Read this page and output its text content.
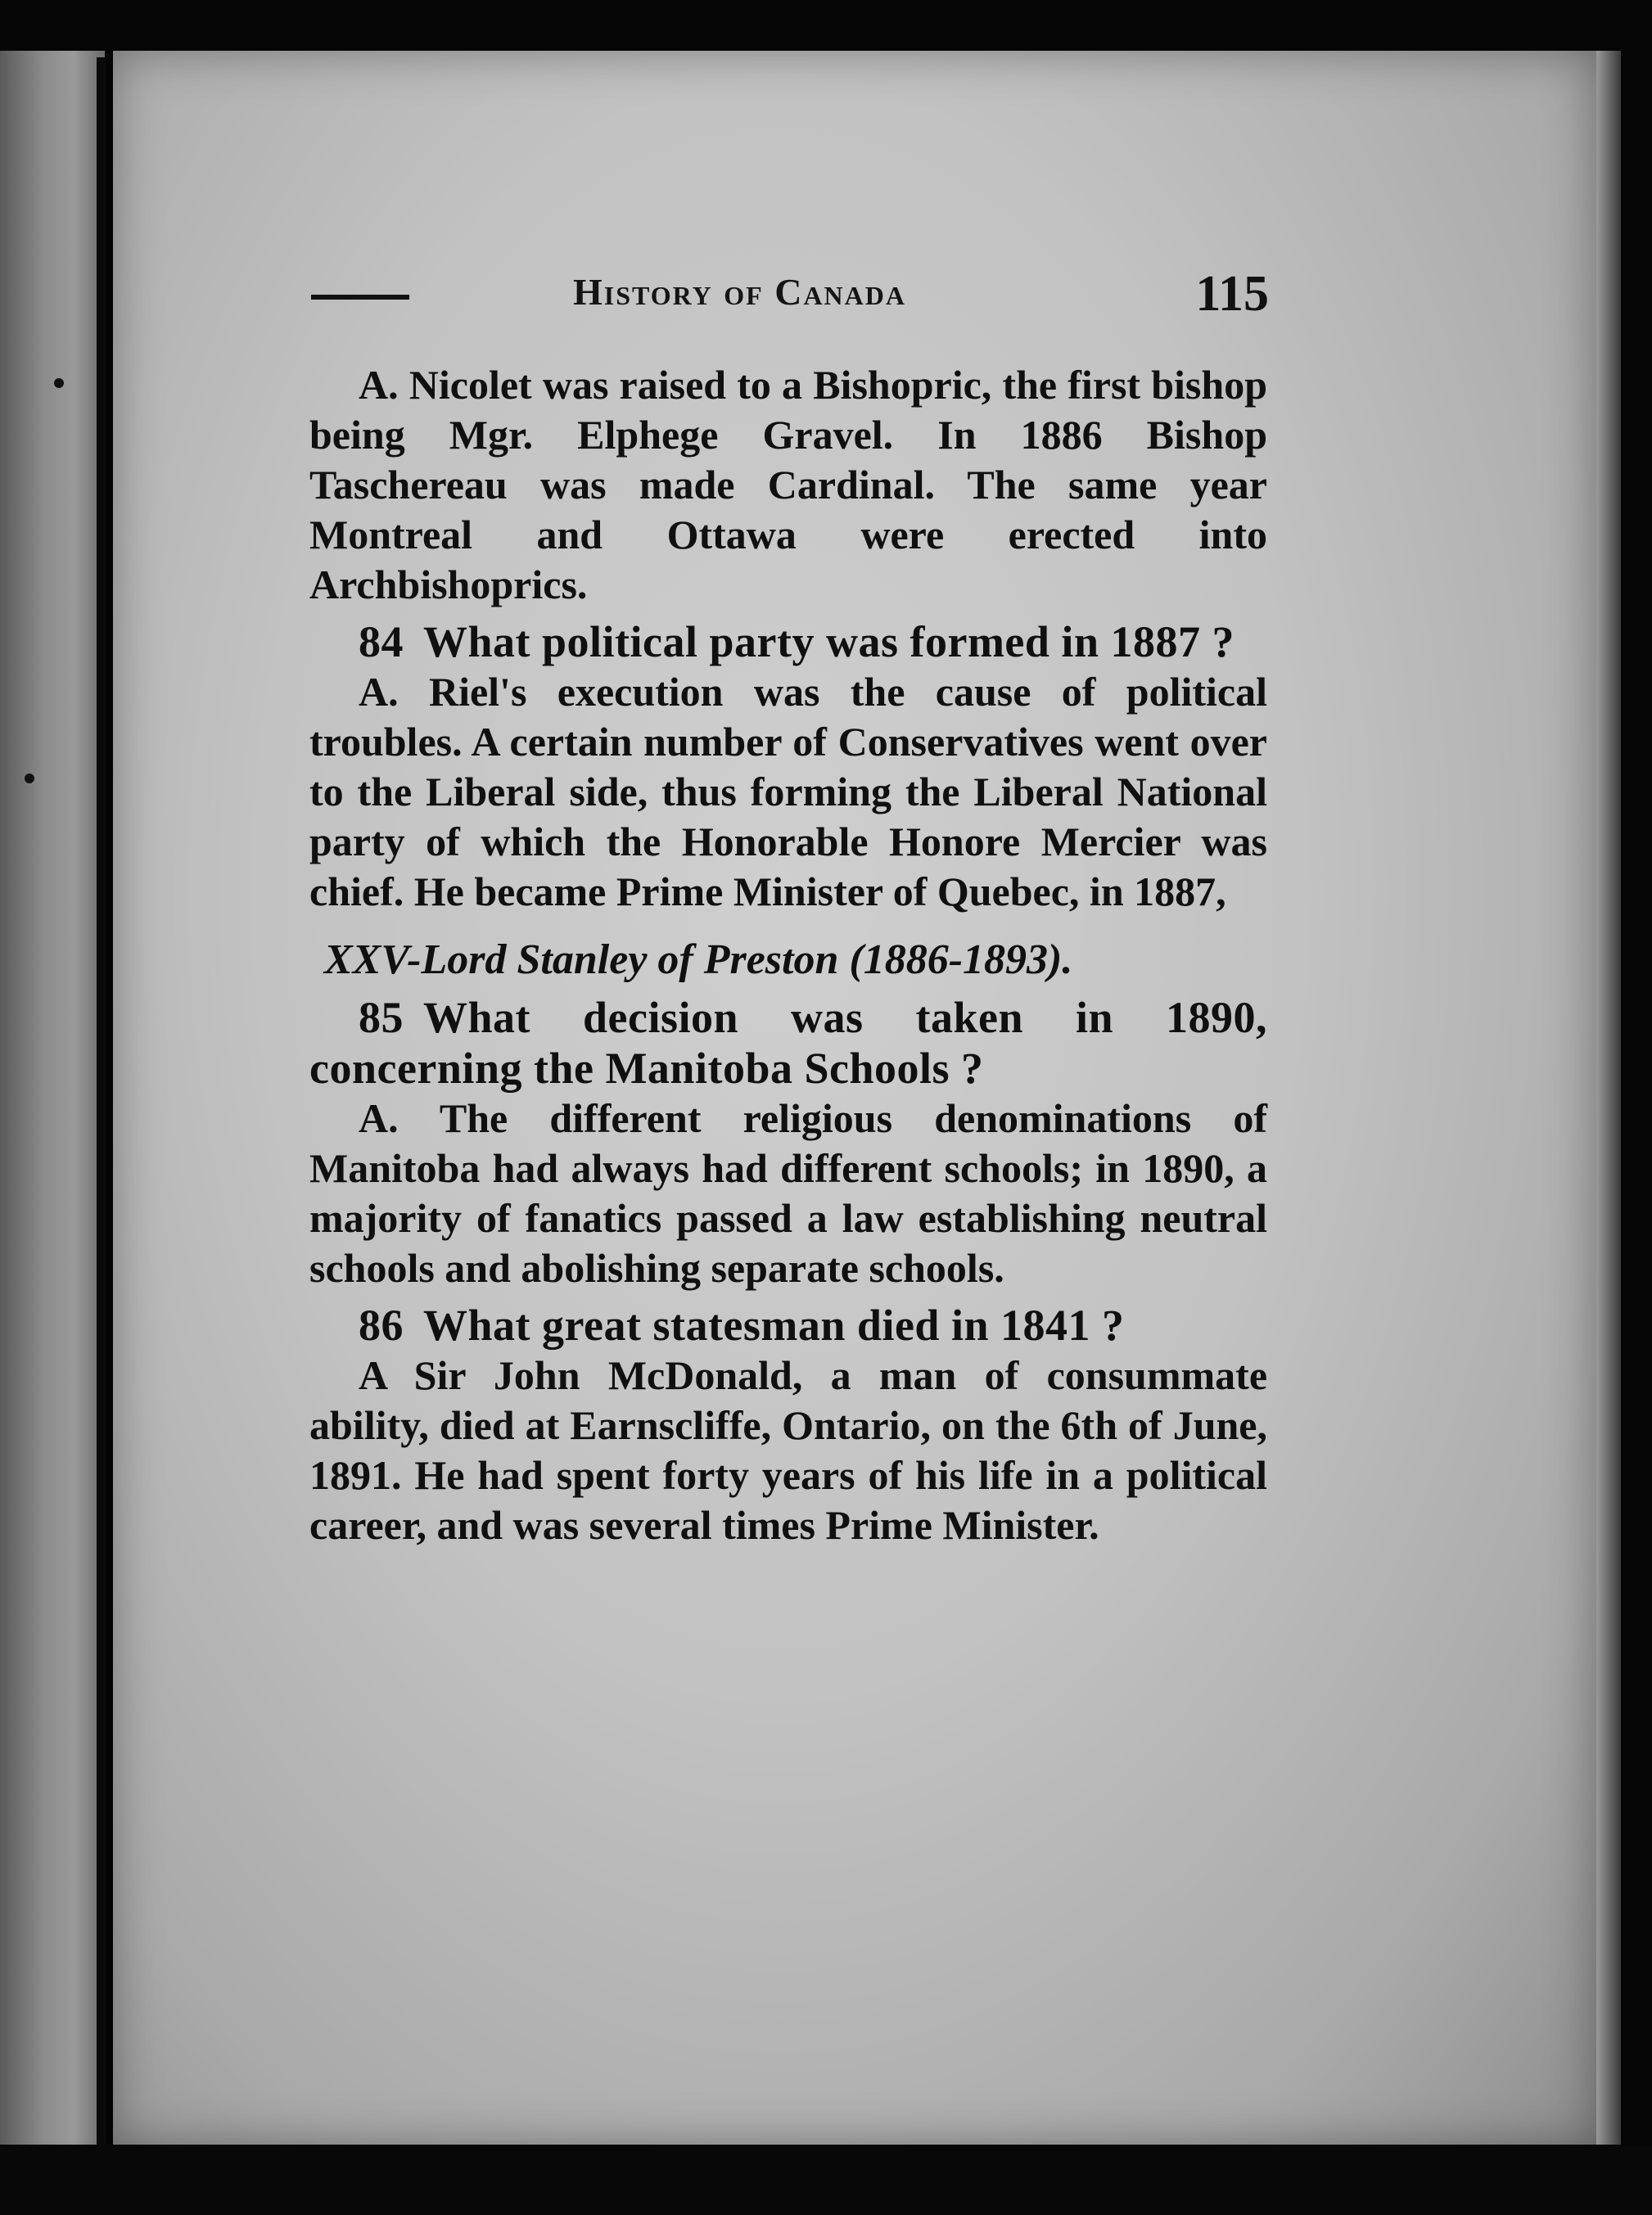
History of Canada	115

A. Nicolet was raised to a Bishopric, the first bishop being Mgr. Elphege Gravel. In 1886 Bishop Taschereau was made Cardinal. The same year Montreal and Ottawa were erected into Archbishoprics.

84 What political party was formed in 1887 ?

A. Riel's execution was the cause of political troubles. A certain number of Conservatives went over to the Liberal side, thus forming the Liberal National party of which the Honorable Honore Mercier was chief. He became Prime Minister of Quebec, in 1887,

XXV-Lord Stanley of Preston (1886-1893).

85 What decision was taken in 1890, concerning the Manitoba Schools ?

A. The different religious denominations of Manitoba had always had different schools; in 1890, a majority of fanatics passed a law establishing neutral schools and abolishing separate schools.

86 What great statesman died in 1841 ?

A Sir John McDonald, a man of consummate ability, died at Earnscliffe, Ontario, on the 6th of June, 1891. He had spent forty years of his life in a political career, and was several times Prime Minister.
